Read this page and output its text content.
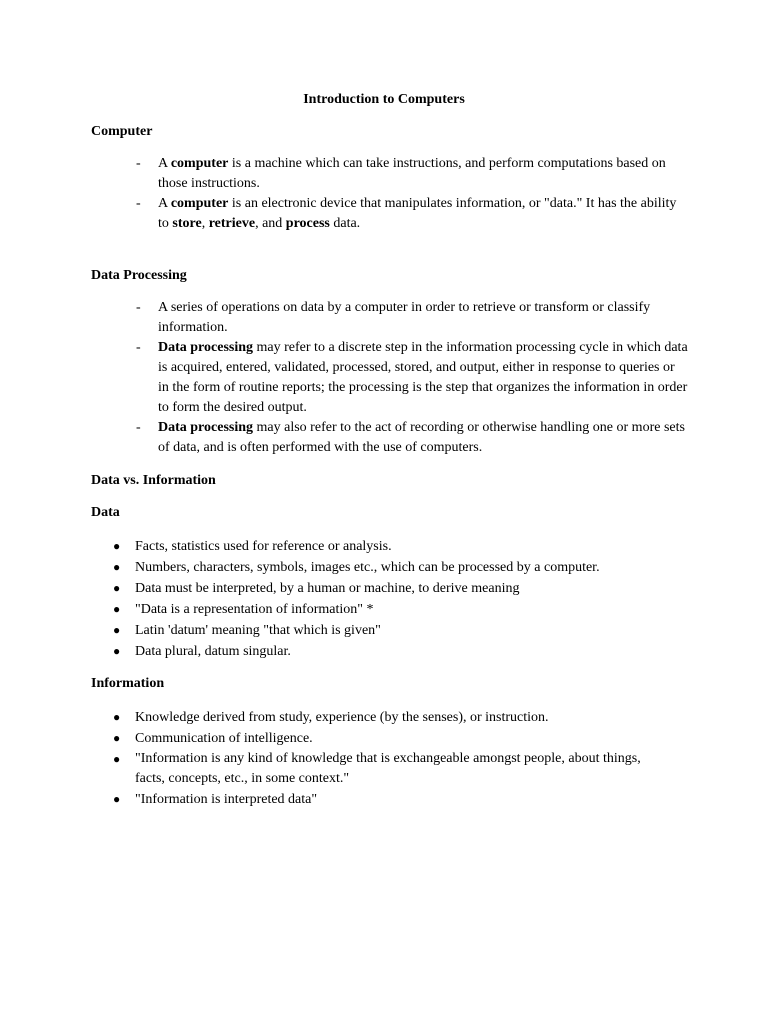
Introduction to Computers
Computer
- A computer is a machine which can take instructions, and perform computations based on those instructions.
- A computer is an electronic device that manipulates information, or "data." It has the ability to store, retrieve, and process data.
Data Processing
- A series of operations on data by a computer in order to retrieve or transform or classify information.
- Data processing may refer to a discrete step in the information processing cycle in which data is acquired, entered, validated, processed, stored, and output, either in response to queries or in the form of routine reports; the processing is the step that organizes the information in order to form the desired output.
- Data processing may also refer to the act of recording or otherwise handling one or more sets of data, and is often performed with the use of computers.
Data vs. Information
Data
● Facts, statistics used for reference or analysis.
● Numbers, characters, symbols, images etc., which can be processed by a computer.
● Data must be interpreted, by a human or machine, to derive meaning
● "Data is a representation of information" *
● Latin 'datum' meaning "that which is given"
● Data plural, datum singular.
Information
● Knowledge derived from study, experience (by the senses), or instruction.
● Communication of intelligence.
● "Information is any kind of knowledge that is exchangeable amongst people, about things, facts, concepts, etc., in some context."
● "Information is interpreted data"
